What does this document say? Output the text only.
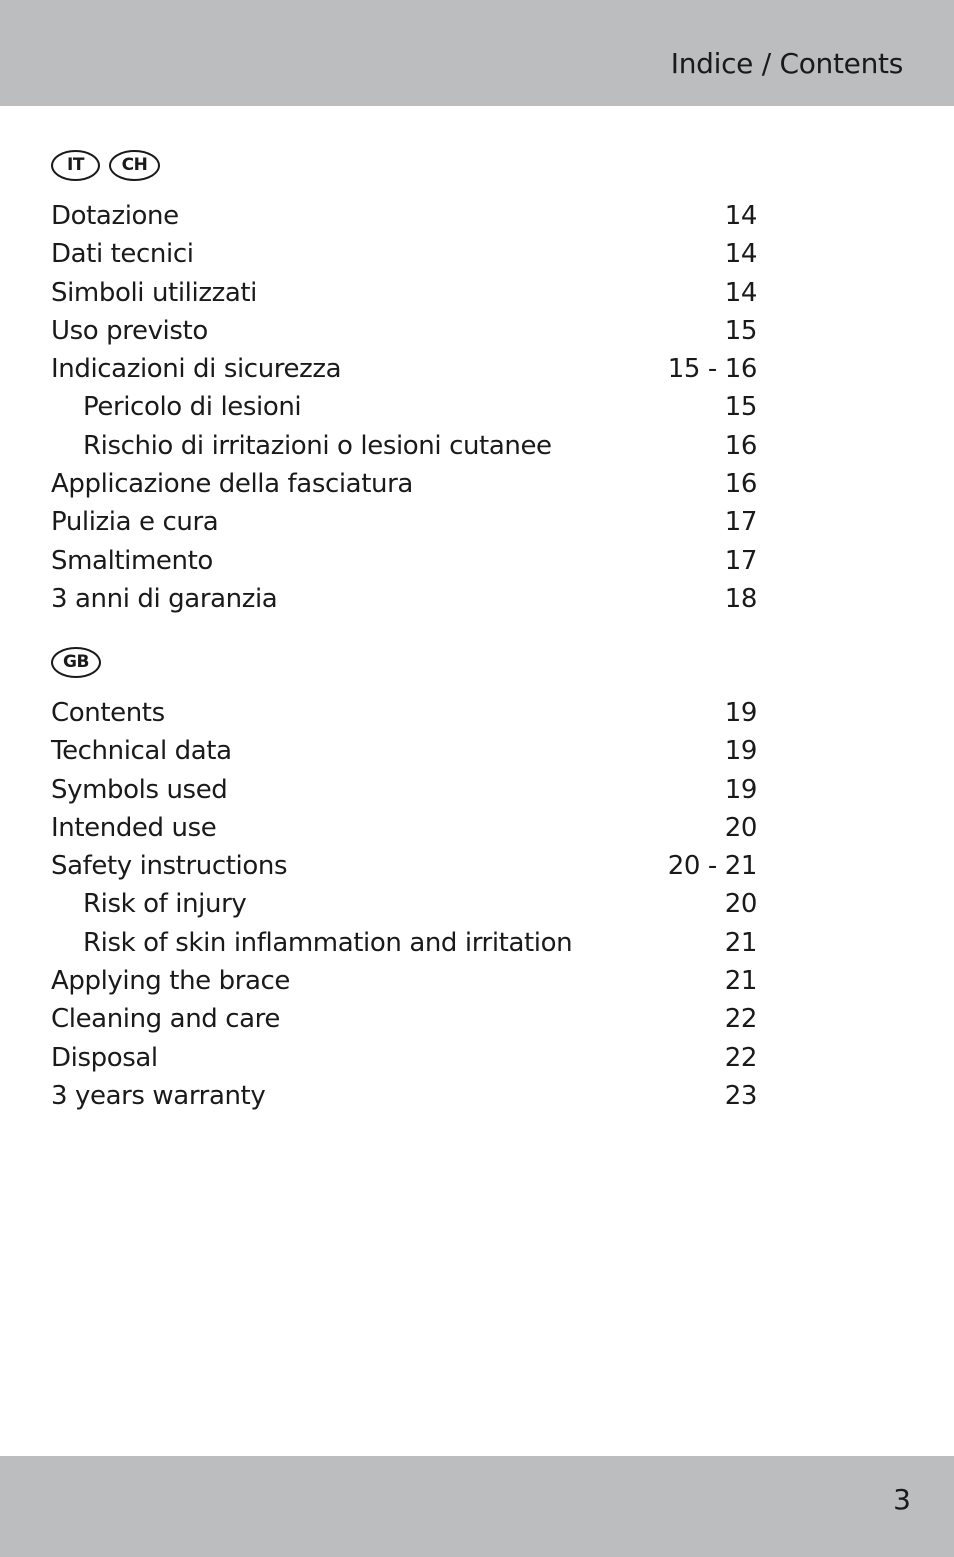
Indice / Contents
IT	CH
Dotazione	14
Dati tecnici	14
Simboli utilizzati	14
Uso previsto	15
Indicazioni di sicurezza	15 - 16
Pericolo di lesioni	15
Rischio di irritazioni o lesioni cutanee	16
Applicazione della fasciatura	16
Pulizia e cura	17
Smaltimento	17
3 anni di garanzia	18
GB
Contents	19
Technical data	19
Symbols used	19
Intended use	20
Safety instructions	20 - 21
Risk of injury	20
Risk of skin inflammation and irritation	21
Applying the brace	21
Cleaning and care	22
Disposal	22
3 years warranty	23
3
